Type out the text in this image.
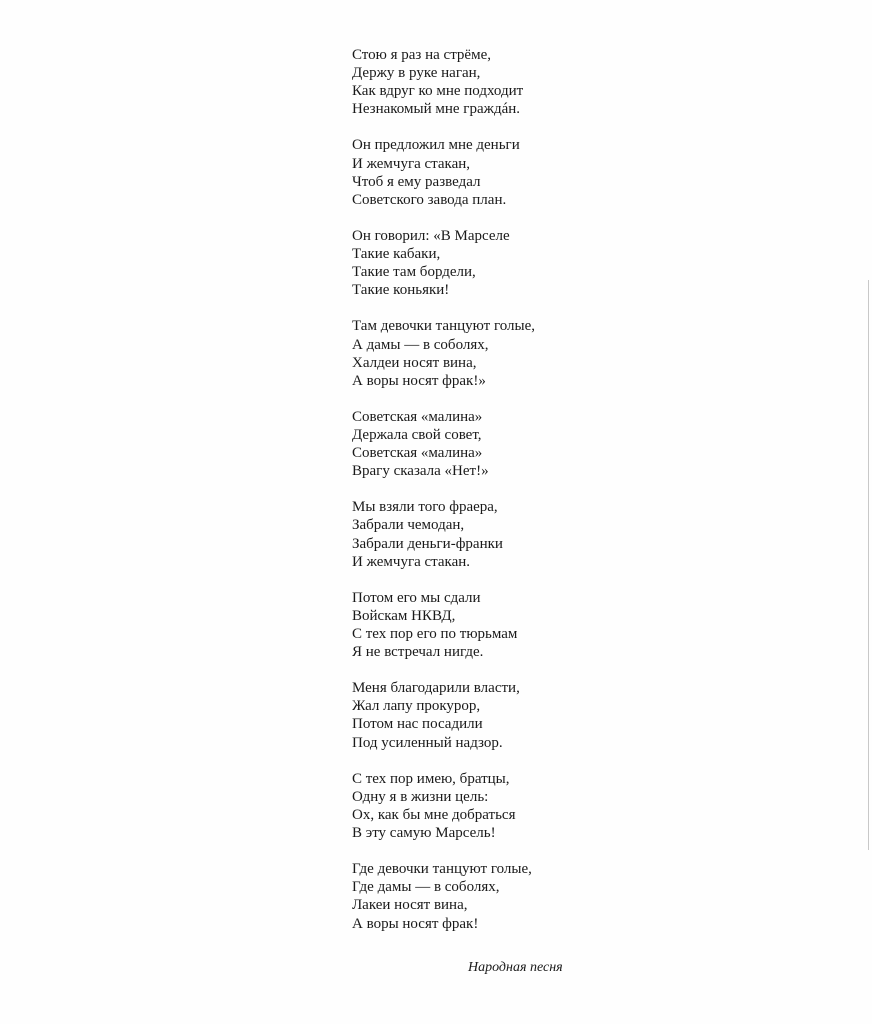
Стою я раз на стрёме,
Держу в руке наган,
Как вдруг ко мне подходит
Незнакомый мне граждáн.
Он предложил мне деньги
И жемчуга стакан,
Чтоб я ему разведал
Советского завода план.
Он говорил: «В Марселе
Такие кабаки,
Такие там бордели,
Такие коньяки!
Там девочки танцуют голые,
А дамы — в соболях,
Халдеи носят вина,
А воры носят фрак!»
Советская «малина»
Держала свой совет,
Советская «малина»
Врагу сказала «Нет!»
Мы взяли того фраера,
Забрали чемодан,
Забрали деньги-франки
И жемчуга стакан.
Потом его мы сдали
Войскам НКВД,
С тех пор его по тюрьмам
Я не встречал нигде.
Меня благодарили власти,
Жал лапу прокурор,
Потом нас посадили
Под усиленный надзор.
С тех пор имею, братцы,
Одну я в жизни цель:
Ох, как бы мне добраться
В эту самую Марсель!
Где девочки танцуют голые,
Где дамы — в соболях,
Лакеи носят вина,
А воры носят фрак!
Народная песня
